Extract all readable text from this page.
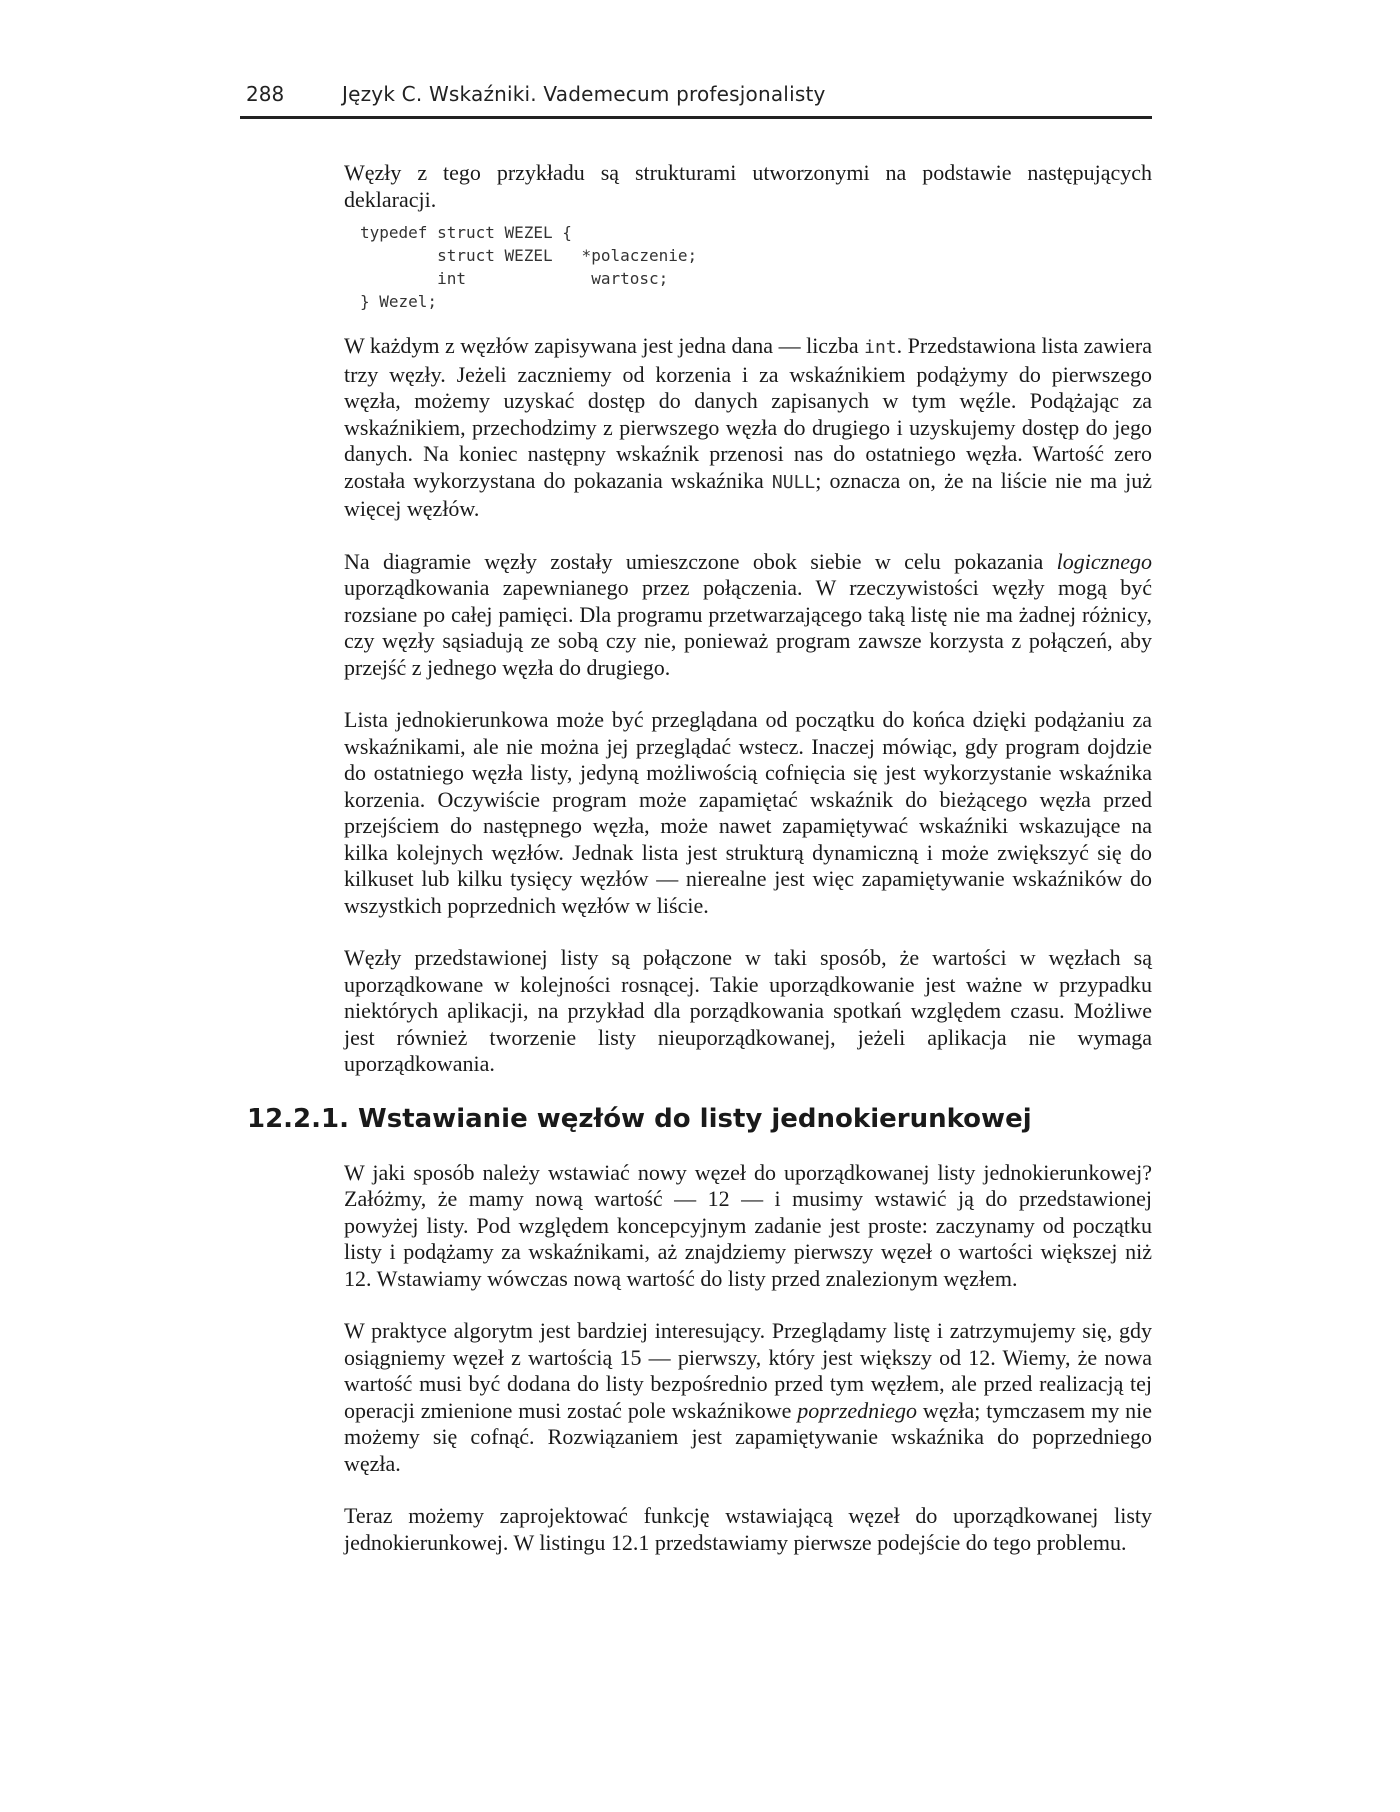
288	Język C. Wskaźniki. Vademecum profesjonalisty

Węzły z tego przykładu są strukturami utworzonymi na podstawie następujących deklaracji.

typedef struct WEZEL {
struct WEZEL   *polaczenie;
int             wartosc;
} Wezel;

W każdym z węzłów zapisywana jest jedna dana — liczba int. Przedstawiona lista zawiera trzy węzły. Jeżeli zaczniemy od korzenia i za wskaźnikiem podążymy do pierwszego węzła, możemy uzyskać dostęp do danych zapisanych w tym węźle. Podążając za wskaźnikiem, przechodzimy z pierwszego węzła do drugiego i uzyskujemy dostęp do jego danych. Na koniec następny wskaźnik przenosi nas do ostatniego węzła. Wartość zero została wykorzystana do pokazania wskaźnika NULL; oznacza on, że na liście nie ma już więcej węzłów.

Na diagramie węzły zostały umieszczone obok siebie w celu pokazania logicznego uporządkowania zapewnianego przez połączenia. W rzeczywistości węzły mogą być rozsiane po całej pamięci. Dla programu przetwarzającego taką listę nie ma żadnej różnicy, czy węzły sąsiadują ze sobą czy nie, ponieważ program zawsze korzysta z połączeń, aby przejść z jednego węzła do drugiego.

Lista jednokierunkowa może być przeglądana od początku do końca dzięki podążaniu za wskaźnikami, ale nie można jej przeglądać wstecz. Inaczej mówiąc, gdy program dojdzie do ostatniego węzła listy, jedyną możliwością cofnięcia się jest wykorzystanie wskaźnika korzenia. Oczywiście program może zapamiętać wskaźnik do bieżącego węzła przed przejściem do następnego węzła, może nawet zapamiętywać wskaźniki wskazujące na kilka kolejnych węzłów. Jednak lista jest strukturą dynamiczną i może zwiększyć się do kilkuset lub kilku tysięcy węzłów — nierealne jest więc zapamiętywanie wskaźników do wszystkich poprzednich węzłów w liście.

Węzły przedstawionej listy są połączone w taki sposób, że wartości w węzłach są uporządkowane w kolejności rosnącej. Takie uporządkowanie jest ważne w przypadku niektórych aplikacji, na przykład dla porządkowania spotkań względem czasu. Możliwe jest również tworzenie listy nieuporządkowanej, jeżeli aplikacja nie wymaga uporządkowania.

12.2.1. Wstawianie węzłów do listy jednokierunkowej

W jaki sposób należy wstawiać nowy węzeł do uporządkowanej listy jednokierunkowej? Załóżmy, że mamy nową wartość — 12 — i musimy wstawić ją do przedstawionej powyżej listy. Pod względem koncepcyjnym zadanie jest proste: zaczynamy od początku listy i podążamy za wskaźnikami, aż znajdziemy pierwszy węzeł o wartości większej niż 12. Wstawiamy wówczas nową wartość do listy przed znalezionym węzłem.

W praktyce algorytm jest bardziej interesujący. Przeglądamy listę i zatrzymujemy się, gdy osiągniemy węzeł z wartością 15 — pierwszy, który jest większy od 12. Wiemy, że nowa wartość musi być dodana do listy bezpośrednio przed tym węzłem, ale przed realizacją tej operacji zmienione musi zostać pole wskaźnikowe poprzedniego węzła; tymczasem my nie możemy się cofnąć. Rozwiązaniem jest zapamiętywanie wskaźnika do poprzedniego węzła.

Teraz możemy zaprojektować funkcję wstawiającą węzeł do uporządkowanej listy jednokierunkowej. W listingu 12.1 przedstawiamy pierwsze podejście do tego problemu.
